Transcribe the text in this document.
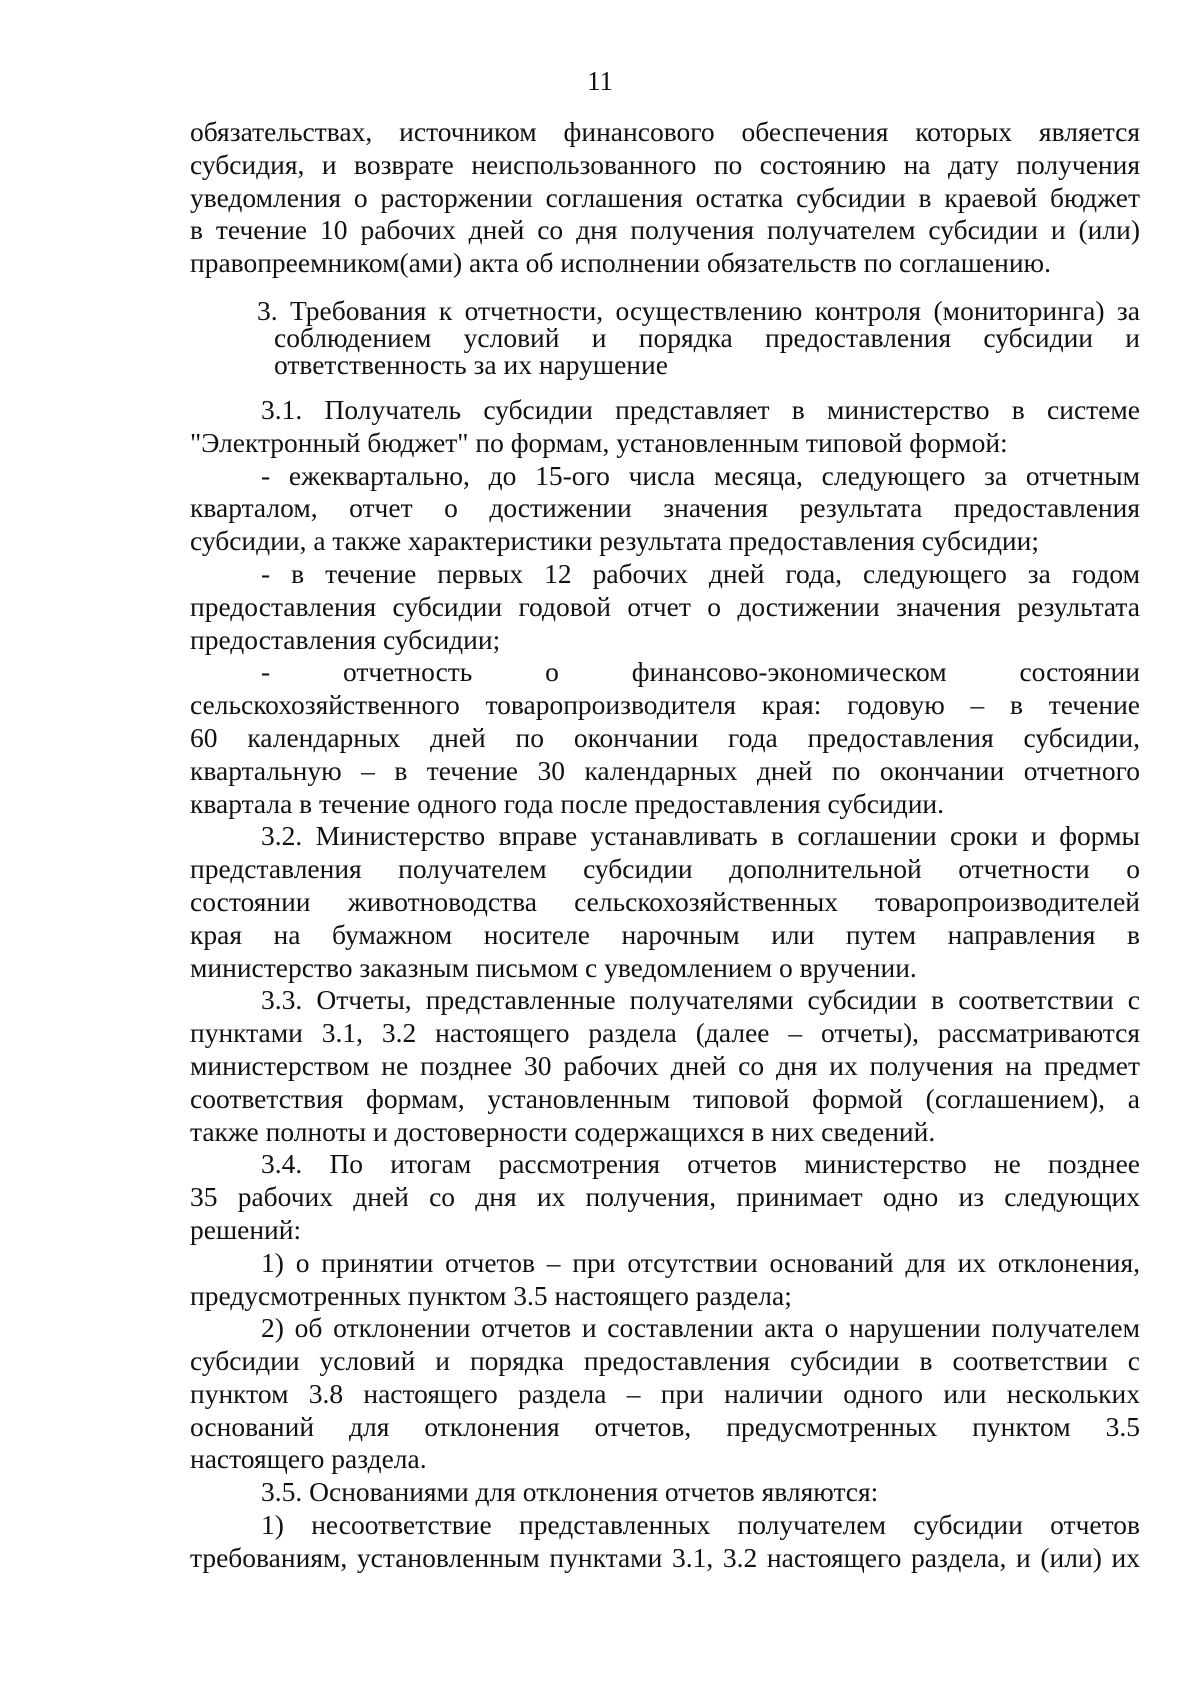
11

обязательствах, источником финансового обеспечения которых является

субсидия, и возврате неиспользованного по состоянию на дату получения

уведомления о расторжении соглашения остатка субсидии в краевой бюджет

в течение 10 рабочих дней со дня получения получателем субсидии и (или)

правопреемником(ами) акта об исполнении обязательств по соглашению.

3. Требования к отчетности, осуществлению контроля (мониторинга) за

соблюдением условий и порядка предоставления субсидии и

ответственность за их нарушение

3.1. Получатель субсидии представляет в министерство в системе

"Электронный бюджет" по формам, установленным типовой формой:

- ежеквартально, до 15-ого числа месяца, следующего за отчетным

кварталом, отчет о достижении значения результата предоставления

субсидии, а также характеристики результата предоставления субсидии;

- в течение первых 12 рабочих дней года, следующего за годом

предоставления субсидии годовой отчет о достижении значения результата

предоставления субсидии;

- отчетность о финансово-экономическом состоянии

сельскохозяйственного товаропроизводителя края: годовую – в течение

60 календарных дней по окончании года предоставления субсидии,

квартальную – в течение 30 календарных дней по окончании отчетного

квартала в течение одного года после предоставления субсидии.

3.2. Министерство вправе устанавливать в соглашении сроки и формы

представления получателем субсидии дополнительной отчетности о

состоянии животноводства сельскохозяйственных товаропроизводителей

края на бумажном носителе нарочным или путем направления в

министерство заказным письмом с уведомлением о вручении.

3.3. Отчеты, представленные получателями субсидии в соответствии с

пунктами 3.1, 3.2 настоящего раздела (далее – отчеты), рассматриваются

министерством не позднее 30 рабочих дней со дня их получения на предмет

соответствия формам, установленным типовой формой (соглашением), а

также полноты и достоверности содержащихся в них сведений.

3.4. По итогам рассмотрения отчетов министерство не позднее

35 рабочих дней со дня их получения, принимает одно из следующих

решений:

1) о принятии отчетов – при отсутствии оснований для их отклонения,

предусмотренных пунктом 3.5 настоящего раздела;

2) об отклонении отчетов и составлении акта о нарушении получателем

субсидии условий и порядка предоставления субсидии в соответствии с

пунктом 3.8 настоящего раздела – при наличии одного или нескольких

оснований для отклонения отчетов, предусмотренных пунктом 3.5

настоящего раздела.

3.5. Основаниями для отклонения отчетов являются:

1) несоответствие представленных получателем субсидии отчетов

требованиям, установленным пунктами 3.1, 3.2 настоящего раздела, и (или) их
